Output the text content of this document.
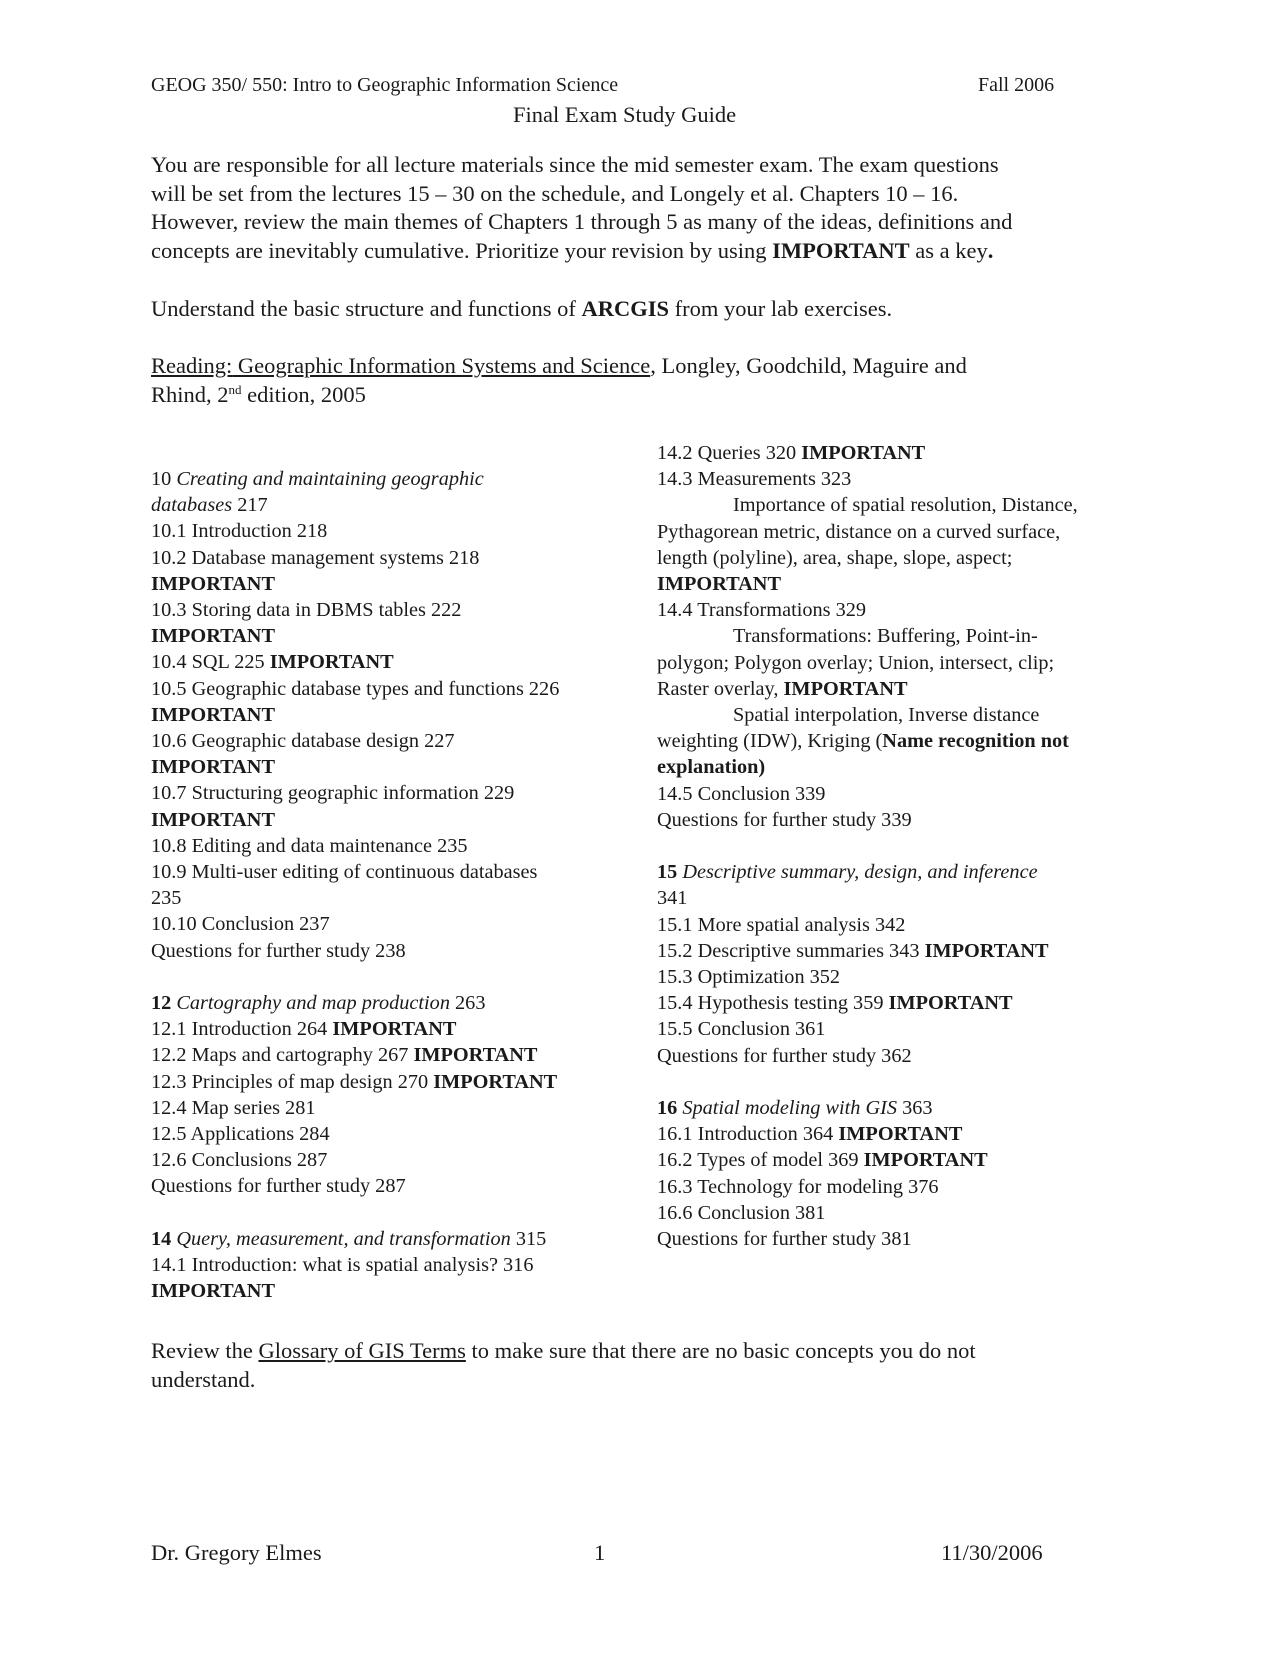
GEOG 350/ 550: Intro to Geographic Information Science	Fall 2006
Final Exam Study Guide
You are responsible for all lecture materials since the mid semester exam. The exam questions
will be set from the lectures 15 – 30 on the schedule, and Longely et al. Chapters 10 – 16.
However, review the main themes of Chapters 1 through 5 as many of the ideas, definitions and
concepts are inevitably cumulative. Prioritize your revision by using IMPORTANT as a key.
Understand the basic structure and functions of ARCGIS from your lab exercises.
Reading: Geographic Information Systems and Science, Longley, Goodchild, Maguire and
Rhind, 2nd edition, 2005
10 Creating and maintaining geographic
databases 217
10.1 Introduction 218
10.2 Database management systems 218
IMPORTANT
10.3 Storing data in DBMS tables 222
IMPORTANT
10.4 SQL 225 IMPORTANT
10.5 Geographic database types and functions 226
IMPORTANT
10.6 Geographic database design 227
IMPORTANT
10.7 Structuring geographic information 229
IMPORTANT
10.8 Editing and data maintenance 235
10.9 Multi-user editing of continuous databases
235
10.10 Conclusion 237
Questions for further study 238
12 Cartography and map production 263
12.1 Introduction 264 IMPORTANT
12.2 Maps and cartography 267 IMPORTANT
12.3 Principles of map design 270 IMPORTANT
12.4 Map series 281
12.5 Applications 284
12.6 Conclusions 287
Questions for further study 287
14 Query, measurement, and transformation 315
14.1 Introduction: what is spatial analysis? 316
IMPORTANT
14.2 Queries 320 IMPORTANT
14.3 Measurements 323
Importance of spatial resolution, Distance,
Pythagorean metric, distance on a curved surface,
length (polyline), area, shape, slope, aspect;
IMPORTANT
14.4 Transformations 329
Transformations: Buffering, Point-in-
polygon; Polygon overlay; Union, intersect, clip;
Raster overlay, IMPORTANT
Spatial interpolation, Inverse distance
weighting (IDW), Kriging (Name recognition not
explanation)
14.5 Conclusion 339
Questions for further study 339
15 Descriptive summary, design, and inference
341
15.1 More spatial analysis 342
15.2 Descriptive summaries 343 IMPORTANT
15.3 Optimization 352
15.4 Hypothesis testing 359 IMPORTANT
15.5 Conclusion 361
Questions for further study 362
16 Spatial modeling with GIS 363
16.1 Introduction 364 IMPORTANT
16.2 Types of model 369 IMPORTANT
16.3 Technology for modeling 376
16.6 Conclusion 381
Questions for further study 381
Review the Glossary of GIS Terms to make sure that there are no basic concepts you do not
understand.
Dr. Gregory Elmes	1	11/30/2006
